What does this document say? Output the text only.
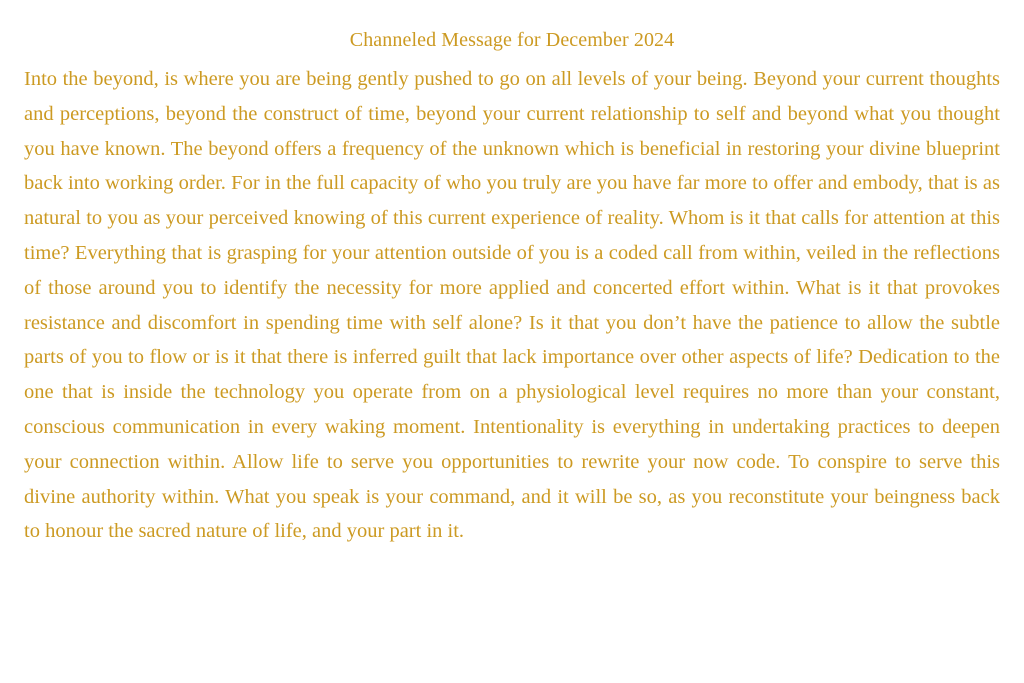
Channeled Message for December 2024

Into the beyond, is where you are being gently pushed to go on all levels of your being. Beyond your current thoughts and perceptions, beyond the construct of time, beyond your current relationship to self and beyond what you thought you have known. The beyond offers a frequency of the unknown which is beneficial in restoring your divine blueprint back into working order. For in the full capacity of who you truly are you have far more to offer and embody, that is as natural to you as your perceived knowing of this current experience of reality. Whom is it that calls for attention at this time? Everything that is grasping for your attention outside of you is a coded call from within, veiled in the reflections of those around you to identify the necessity for more applied and concerted effort within. What is it that provokes resistance and discomfort in spending time with self alone? Is it that you don’t have the patience to allow the subtle parts of you to flow or is it that there is inferred guilt that lack importance over other aspects of life? Dedication to the one that is inside the technology you operate from on a physiological level requires no more than your constant, conscious communication in every waking moment. Intentionality is everything in undertaking practices to deepen your connection within. Allow life to serve you opportunities to rewrite your now code. To conspire to serve this divine authority within. What you speak is your command, and it will be so, as you reconstitute your beingness back to honour the sacred nature of life, and your part in it.
